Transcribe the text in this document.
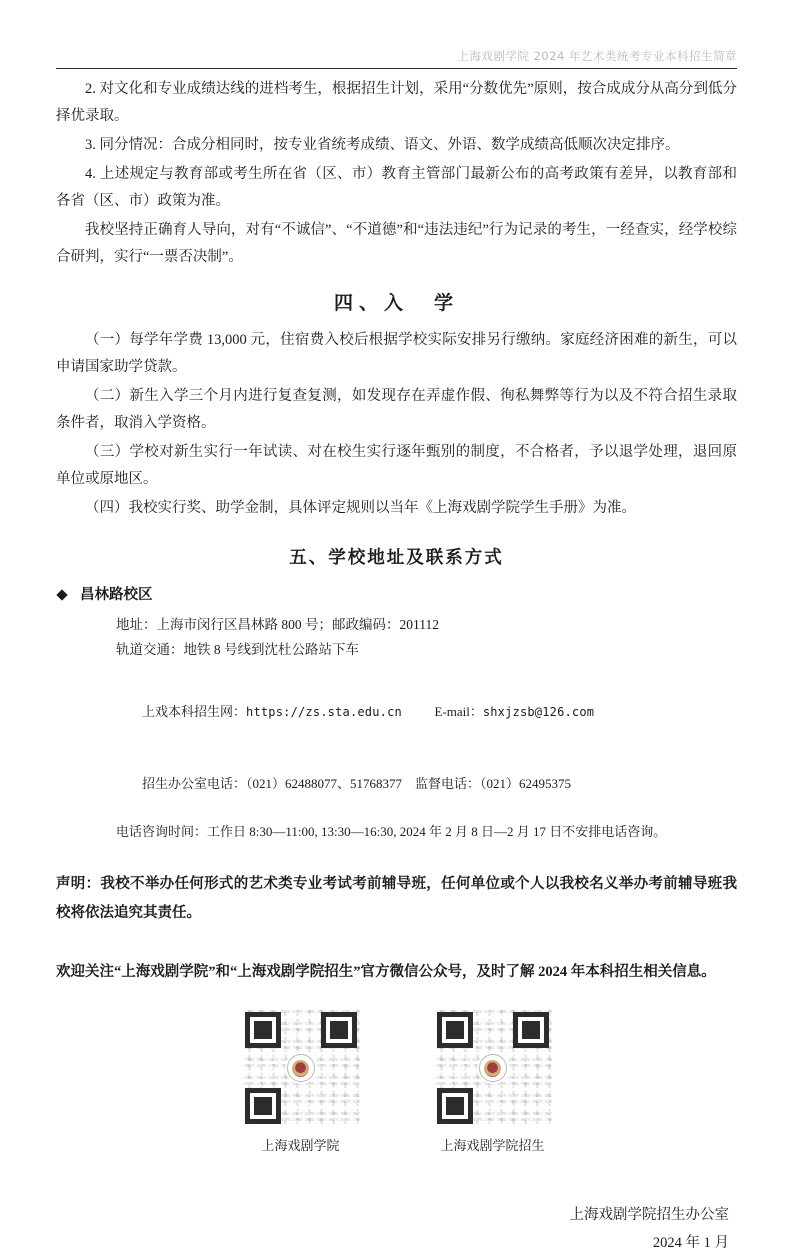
上海戏剧学院 2024 年艺术类统考专业本科招生简章

2. 对文化和专业成绩达线的进档考生，根据招生计划，采用“分数优先”原则，按合成成分从高分到低分择优录取。

3. 同分情况：合成分相同时，按专业省统考成绩、语文、外语、数学成绩高低顺次决定排序。

4. 上述规定与教育部或考生所在省（区、市）教育主管部门最新公布的高考政策有差异，以教育部和各省（区、市）政策为准。

我校坚持正确育人导向，对有“不诚信”、“不道德”和“违法违纪”行为记录的考生，一经查实，经学校综合研判，实行“一票否决制”。

四、入　学

（一）每学年学费 13,000 元，住宿费入校后根据学校实际安排另行缴纳。家庭经济困难的新生，可以申请国家助学贷款。

（二）新生入学三个月内进行复查复测，如发现存在弄虚作假、徇私舞弊等行为以及不符合招生录取条件者，取消入学资格。

（三）学校对新生实行一年试读、对在校生实行逐年甄别的制度，不合格者，予以退学处理，退回原单位或原地区。

（四）我校实行奖、助学金制，具体评定规则以当年《上海戏剧学院学生手册》为准。

五、学校地址及联系方式
昌林路校区

地址：上海市闵行区昌林路 800 号；邮政编码：201112

轨道交通：地铁 8 号线到沈杜公路站下车

上戏本科招生网：https://zs.sta.edu.cn	E-mail：shxjzsb@126.com

招生办公室电话：（021）62488077、51768377 监督电话：（021）62495375

电话咨询时间：工作日 8:30—11:00, 13:30—16:30, 2024 年 2 月 8 日—2 月 17 日不安排电话咨询。

声明：我校不举办任何形式的艺术类专业考试考前辅导班，任何单位或个人以我校名义举办考前辅导班我校将依法追究其责任。

欢迎关注“上海戏剧学院”和“上海戏剧学院招生”官方微信公众号，及时了解 2024 年本科招生相关信息。

上海戏剧学院	上海戏剧学院招生
上海戏剧学院招生办公室
2024 年 1 月
